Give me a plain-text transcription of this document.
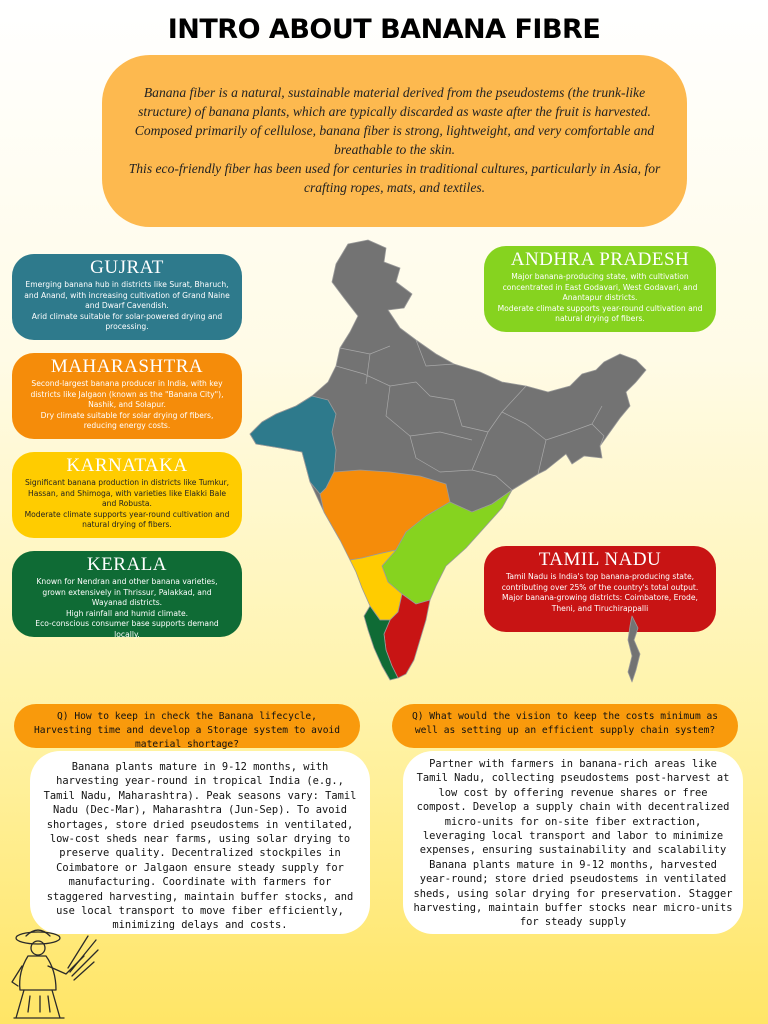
INTRO ABOUT BANANA FIBRE

Banana fiber is a natural, sustainable material derived from the pseudostems (the trunk-like structure) of banana plants, which are typically discarded as waste after the fruit is harvested. Composed primarily of cellulose, banana fiber is strong, lightweight, and very comfortable and breathable to the skin.

This eco-friendly fiber has been used for centuries in traditional cultures, particularly in Asia, for crafting ropes, mats, and textiles.

GUJRAT

Emerging banana hub in districts like Surat, Bharuch, and Anand, with increasing cultivation of Grand Naine and Dwarf Cavendish.
Arid climate suitable for solar-powered drying and processing.

MAHARASHTRA

Second-largest banana producer in India, with key districts like Jalgaon (known as the "Banana City"), Nashik, and Solapur.
Dry climate suitable for solar drying of fibers, reducing energy costs.

KARNATAKA

Significant banana production in districts like Tumkur, Hassan, and Shimoga, with varieties like Elakki Bale and Robusta.
Moderate climate supports year-round cultivation and natural drying of fibers.

KERALA

Known for Nendran and other banana varieties, grown extensively in Thrissur, Palakkad, and Wayanad districts.
High rainfall and humid climate.
Eco-conscious consumer base supports demand locally.

ANDHRA PRADESH

Major banana-producing state, with cultivation concentrated in East Godavari, West Godavari, and Anantapur districts.
Moderate climate supports year-round cultivation and natural drying of fibers.

TAMIL NADU

Tamil Nadu is India's top banana-producing state, contributing over 25% of the country's total output.
Major banana-growing districts: Coimbatore, Erode, Theni, and Tiruchirappalli

Q) How to keep in check the Banana lifecycle, Harvesting time and develop a Storage system to avoid material shortage?
Q) What would the vision to keep the costs minimum as well as setting up an efficient supply chain system?

Banana plants mature in 9-12 months, with harvesting year-round in tropical India (e.g., Tamil Nadu, Maharashtra). Peak seasons vary: Tamil Nadu (Dec-Mar), Maharashtra (Jun-Sep). To avoid shortages, store dried pseudostems in ventilated, low-cost sheds near farms, using solar drying to preserve quality. Decentralized stockpiles in Coimbatore or Jalgaon ensure steady supply for manufacturing. Coordinate with farmers for staggered harvesting, maintain buffer stocks, and use local transport to move fiber efficiently, minimizing delays and costs.

Partner with farmers in banana-rich areas like Tamil Nadu, collecting pseudostems post-harvest at low cost by offering revenue shares or free compost. Develop a supply chain with decentralized micro-units for on-site fiber extraction, leveraging local transport and labor to minimize expenses, ensuring sustainability and scalability Banana plants mature in 9-12 months, harvested year-round; store dried pseudostems in ventilated sheds, using solar drying for preservation. Stagger harvesting, maintain buffer stocks near micro-units for steady supply
